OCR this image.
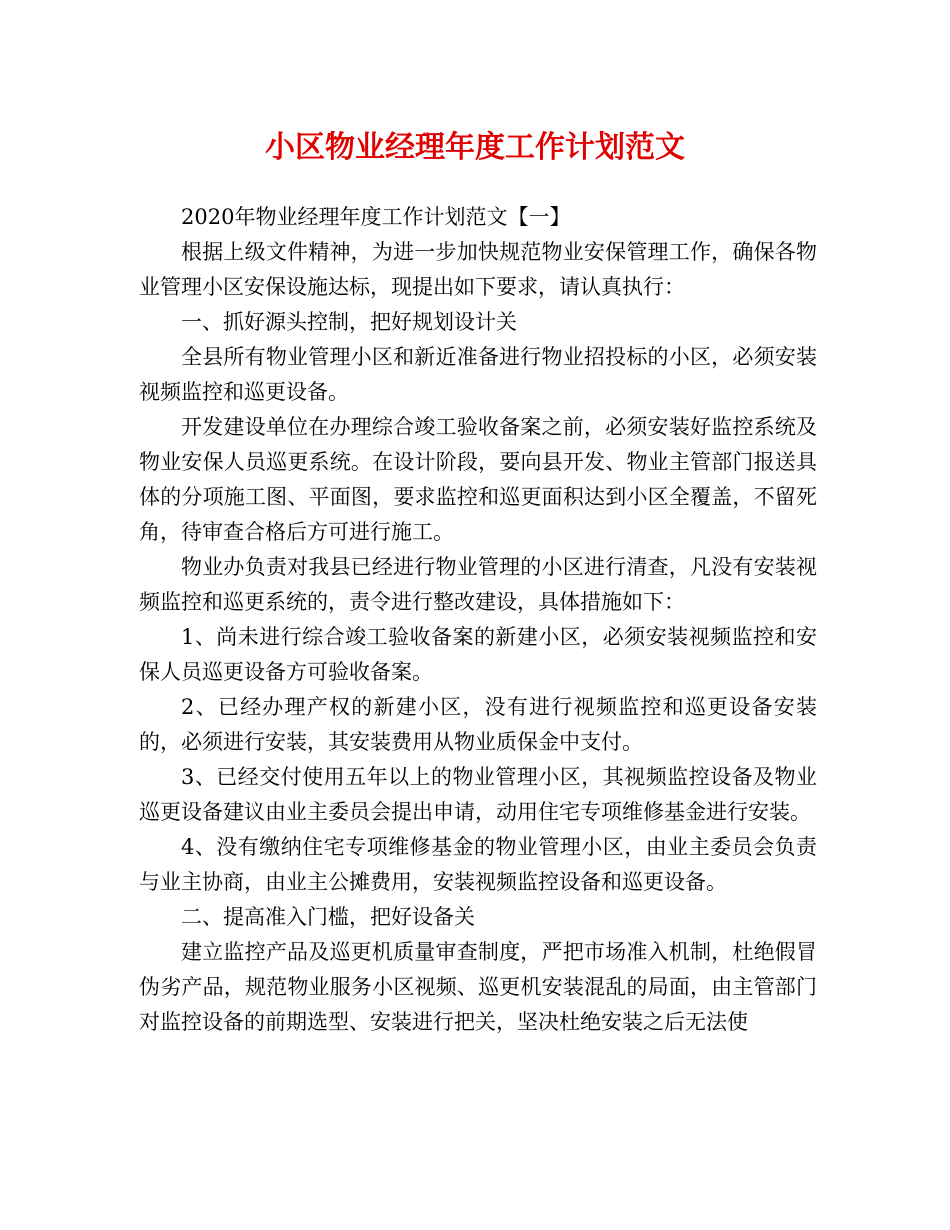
小区物业经理年度工作计划范文

2020年物业经理年度工作计划范文【一】

根据上级文件精神，为进一步加快规范物业安保管理工作，确保各物业管理小区安保设施达标，现提出如下要求，请认真执行：

一、抓好源头控制，把好规划设计关

全县所有物业管理小区和新近准备进行物业招投标的小区，必须安装视频监控和巡更设备。

开发建设单位在办理综合竣工验收备案之前，必须安装好监控系统及物业安保人员巡更系统。在设计阶段，要向县开发、物业主管部门报送具体的分项施工图、平面图，要求监控和巡更面积达到小区全覆盖，不留死角，待审查合格后方可进行施工。

物业办负责对我县已经进行物业管理的小区进行清查，凡没有安装视频监控和巡更系统的，责令进行整改建设，具体措施如下：

1、尚未进行综合竣工验收备案的新建小区，必须安装视频监控和安保人员巡更设备方可验收备案。

2、已经办理产权的新建小区，没有进行视频监控和巡更设备安装的，必须进行安装，其安装费用从物业质保金中支付。

3、已经交付使用五年以上的物业管理小区，其视频监控设备及物业巡更设备建议由业主委员会提出申请，动用住宅专项维修基金进行安装。

4、没有缴纳住宅专项维修基金的物业管理小区，由业主委员会负责与业主协商，由业主公摊费用，安装视频监控设备和巡更设备。

二、提高准入门槛，把好设备关

建立监控产品及巡更机质量审查制度，严把市场准入机制，杜绝假冒伪劣产品，规范物业服务小区视频、巡更机安装混乱的局面，由主管部门对监控设备的前期选型、安装进行把关，坚决杜绝安装之后无法使
